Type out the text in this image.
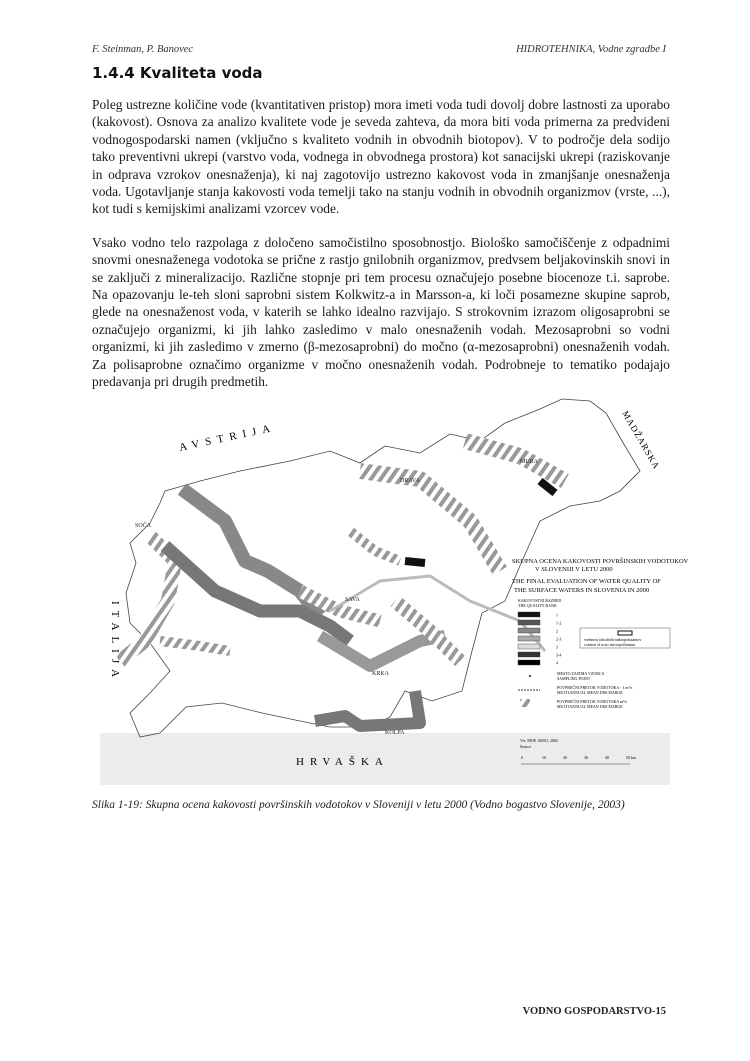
F. Steinman, P. Banovec	HIDROTEHNIKA, Vodne zgradbe I
1.4.4 Kvaliteta voda

Poleg ustrezne količine vode (kvantitativen pristop) mora imeti voda tudi dovolj dobre lastnosti za uporabo (kakovost). Osnova za analizo kvalitete vode je seveda zahteva, da mora biti voda primerna za predvideni vodnogospodarski namen (vključno s kvaliteto vodnih in obvodnih biotopov). V to področje dela sodijo tako preventivni ukrepi (varstvo voda, vodnega in obvodnega prostora) kot sanacijski ukrepi (raziskovanje in odprava vzrokov onesnaženja), ki naj zagotovijo ustrezno kakovost voda in zmanjšanje onesnaženja voda. Ugotavljanje stanja kakovosti voda temelji tako na stanju vodnih in obvodnih organizmov (vrste, ...), kot tudi s kemijskimi analizami vzorcev vode.

Vsako vodno telo razpolaga z določeno samočistilno sposobnostjo. Biološko samočiščenje z odpadnimi snovmi onesnaženega vodotoka se prične z rastjo gnilobnih organizmov, predvsem beljakovinskih snovi in se zaključi z mineralizacijo. Različne stopnje pri tem procesu označujejo posebne biocenoze t.i. saprobe. Na opazovanju le-teh sloni saprobni sistem Kolkwitz-a in Marsson-a, ki loči posamezne skupine saprob, glede na onesnaženost voda, v katerih se lahko idealno razvijajo. S strokovnim izrazom oligosaprobni se označujejo organizmi, ki jih lahko zasledimo v malo onesnaženih vodah. Mezosaprobni so vodni organizmi, ki jih zasledimo v zmerno (β-mezosaprobni) do močno (α-mezosaprobni) onesnaženih vodah. Za polisaprobne označimo organizme v močno onesnaženih vodah. Podrobneje to tematiko podajajo predavanja pri drugih predmetih.

AVSTRIJA
ITALIJA
HRVAŠKA
MADŽARSKA
SOČA
SAVA
DRAVA
MURA
KRKA
KOLPA
SKUPNA OCENA KAKOVOSTI POVRŠINSKIH VODOTOKOV
V SLOVENIJI V LETU 2000
THE FINAL EVALUATION OF WATER QUALITY OF
THE SURFACE WATERS IN SLOVENIA IN 2000
KAKOVOSTNI RAZRED
THE QUALITY RANK
1
1-2
2
2-3
3
3-4
4
vsebnost toksičnih mikropolutantov
content of toxic micropollutants
MESTO ZAJEMA VZORCA
SAMPLING POINT
POVPREČNI PRETOK VODOTOKA - 1 m³/s
MULTIANNUAL MEAN DISCHARGE
POVPREČNI PRETOK VODOTOKA m³/s
MULTIANNUAL MEAN DISCHARGE
Vir: MOP, ARSO, 2002
Source
0	10	20	30	40	50 km
Slika 1-19: Skupna ocena kakovosti površinskih vodotokov v Sloveniji v letu 2000 (Vodno bogastvo Slovenije, 2003)
VODNO GOSPODARSTVO-15
